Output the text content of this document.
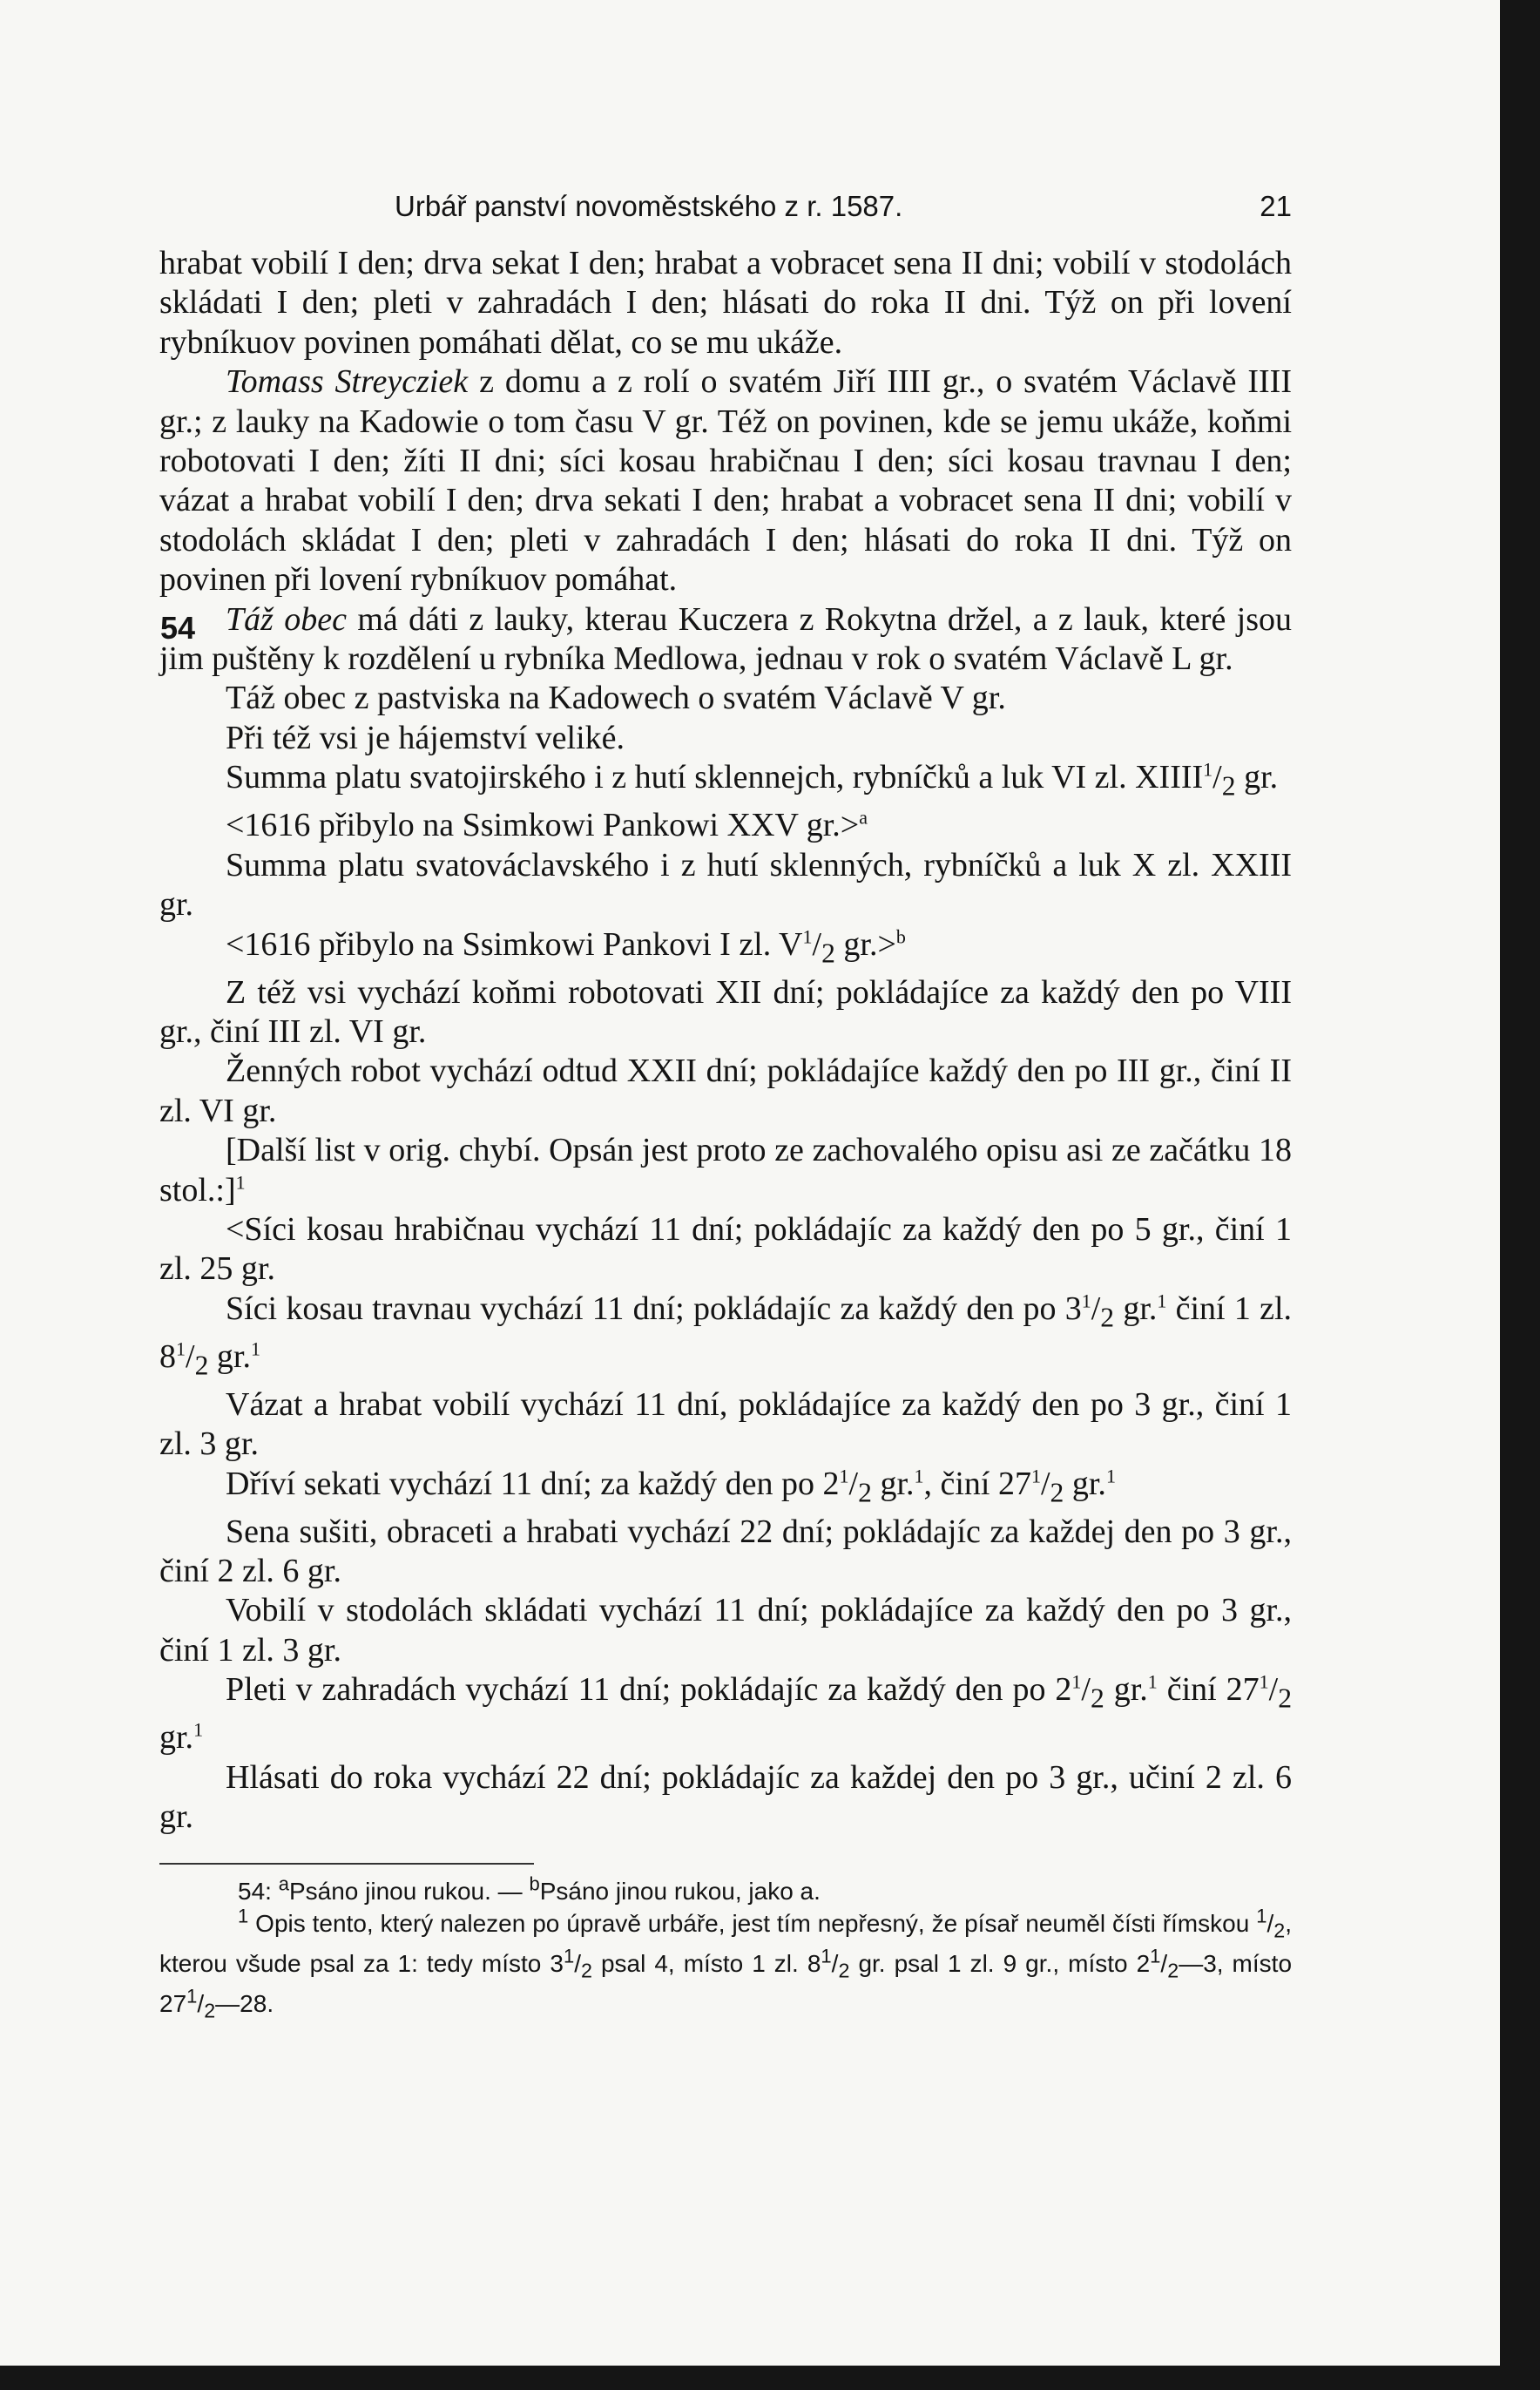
Urbář panství novoměstského z r. 1587.	21

hrabat vobilí I den; drva sekat I den; hrabat a vobracet sena II dni; vobilí v stodolách skládati I den; pleti v zahradách I den; hlásati do roka II dni. Týž on při lovení rybníkuov povinen pomáhati dělat, co se mu ukáže.

Tomass Streycziek z domu a z rolí o svatém Jiří IIII gr., o svatém Václavě IIII gr.; z lauky na Kadowie o tom času V gr. Též on povinen, kde se jemu ukáže, koňmi robotovati I den; žíti II dni; síci kosau hrabičnau I den; síci kosau travnau I den; vázat a hrabat vobilí I den; drva sekati I den; hrabat a vobracet sena II dni; vobilí v stodolách skládat I den; pleti v zahradách I den; hlásati do roka II dni. Týž on povinen při lovení rybníkuov pomáhat.

54 Táž obec má dáti z lauky, kterau Kuczera z Rokytna držel, a z lauk, které jsou jim puštěny k rozdělení u rybníka Medlowa, jednau v rok o svatém Václavě L gr.

Táž obec z pastviska na Kadowech o svatém Václavě V gr.

Při též vsi je hájemství veliké.

Summa platu svatojirského i z hutí sklennejch, rybníčků a luk VI zl. $XIIII^1/_2$ gr.

<1616 přibylo na Ssimkowi Pankowi XXV gr.>$^a$

Summa platu svatováclavského i z hutí sklenných, rybníčků a luk X zl. XXIII gr.

<1616 přibylo na Ssimkowi Pankovi I zl. $V^1/_2$ gr.>$^b$

Z též vsi vychází koňmi robotovati XII dní; pokládajíce za každý den po VIII gr., činí III zl. VI gr.

Ženných robot vychází odtud XXII dní; pokládajíce každý den po III gr., činí II zl. VI gr.

[Další list v orig. chybí. Opsán jest proto ze zachovalého opisu asi ze začátku 18 stol.:]$^1$

<Síci kosau hrabičnau vychází 11 dní; pokládajíc za každý den po 5 gr., činí 1 zl. 25 gr.

Síci kosau travnau vychází 11 dní; pokládajíc za každý den po $3^1/_2$ gr.$^1$ činí 1 zl. $8^1/_2$ gr.$^1$

Vázat a hrabat vobilí vychází 11 dní, pokládajíce za každý den po 3 gr., činí 1 zl. 3 gr.

Dříví sekati vychází 11 dní; za každý den po $2^1/_2$ gr.$^1$, činí $27^1/_2$ gr.$^1$

Sena sušiti, obraceti a hrabati vychází 22 dní; pokládajíc za každej den po 3 gr., činí 2 zl. 6 gr.

Vobilí v stodolách skládati vychází 11 dní; pokládajíce za každý den po 3 gr., činí 1 zl. 3 gr.

Pleti v zahradách vychází 11 dní; pokládajíc za každý den po $2^1/_2$ gr.$^1$ činí $27^1/_2$ gr.$^1$

Hlásati do roka vychází 22 dní; pokládajíc za každej den po 3 gr., učiní 2 zl. 6 gr.

54: $^a$Psáno jinou rukou. — $^b$Psáno jinou rukou, jako a.

$^1$ Opis tento, který nalezen po úpravě urbáře, jest tím nepřesný, že písař neuměl čísti římskou $^1/_2$, kterou všude psal za 1: tedy místo $3^1/_2$ psal 4, místo 1 zl. $8^1/_2$ gr. psal 1 zl. 9 gr., místo $2^1/_2—3$, místo $27^1/_2—28$.
